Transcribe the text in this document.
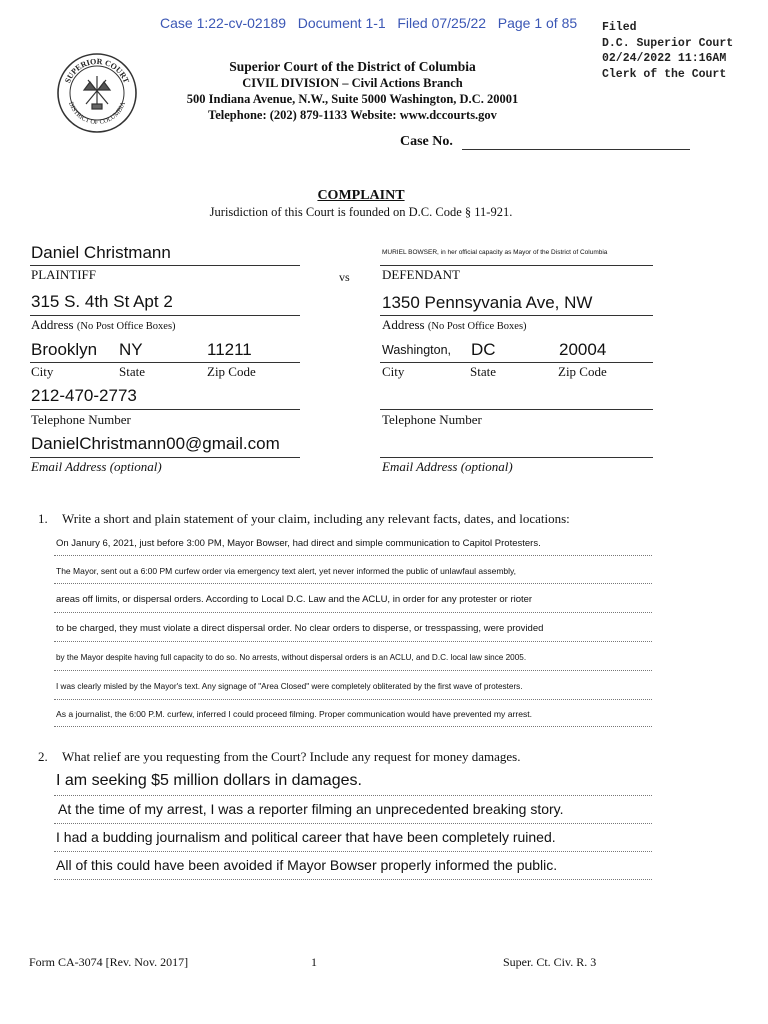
Case 1:22-cv-02189   Document 1-1   Filed 07/25/22   Page 1 of 85 Filed
D.C. Superior Court
02/24/2022 11:16AM
Clerk of the Court
SUPERIOR COURT
DISTRICT OF COLUMBIA
Superior Court of the District of Columbia
CIVIL DIVISION – Civil Actions Branch
500 Indiana Avenue, N.W., Suite 5000 Washington, D.C. 20001
Telephone: (202) 879-1133 Website: www.dccourts.gov
Case No.
COMPLAINT
Jurisdiction of this Court is founded on D.C. Code § 11-921.
Daniel Christmann
PLAINTIFF	vs
315 S. 4th St Apt 2
Address (No Post Office Boxes)
Brooklyn NY	11211
City	State	Zip Code
212-470-2773
Telephone Number
DanielChristmann00@gmail.com
Email Address (optional)
MURIEL BOWSER, in her official capacity as Mayor of the District of Columbia
DEFENDANT
1350 Pennsyvania Ave, NW
Address (No Post Office Boxes)
Washington, DC	20004
City	State	Zip Code
Telephone Number
Email Address (optional)
1. Write a short and plain statement of your claim, including any relevant facts, dates, and locations:
On Janury 6, 2021, just before 3:00 PM, Mayor Bowser, had direct and simple communication to Capitol Protesters.
The Mayor, sent out a 6:00 PM curfew order via emergency text alert, yet never informed the public of unlawfaul assembly,
areas off limits, or dispersal orders. According to Local D.C. Law and the ACLU, in order for any protester or rioter
to be charged, they must violate a direct dispersal order. No clear orders to disperse, or tresspassing, were provided
by the Mayor despite having full capacity to do so. No arrests, without dispersal orders is an ACLU, and D.C. local law since 2005.
I was clearly misled by the Mayor's text. Any signage of "Area Closed" were completely obliterated by the first wave of protesters.
As a journalist, the 6:00 P.M. curfew, inferred I could proceed filming. Proper communication would have prevented my arrest.
2. What relief are you requesting from the Court? Include any request for money damages.
I am seeking $5 million dollars in damages.
At the time of my arrest, I was a reporter filming an unprecedented breaking story.
I had a budding journalism and political career that have been completely ruined.
All of this could have been avoided if Mayor Bowser properly informed the public.
Form CA-3074 [Rev. Nov. 2017]	1	Super. Ct. Civ. R. 3
